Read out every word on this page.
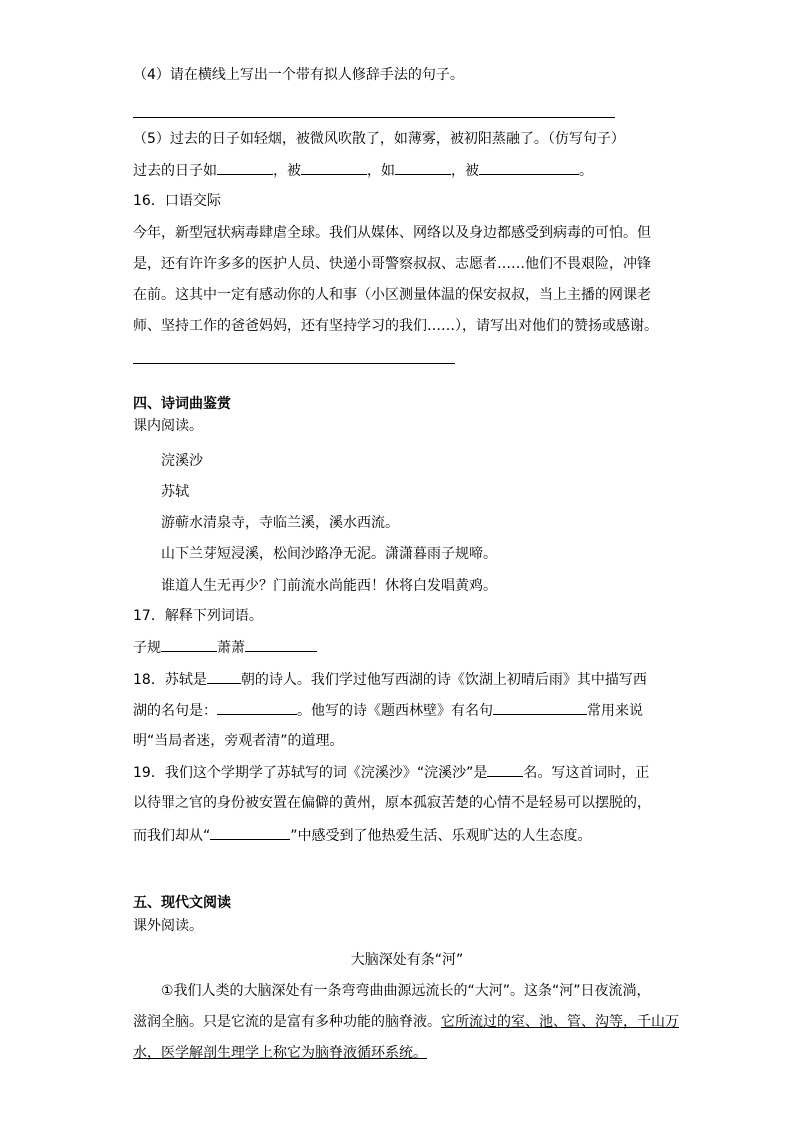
（4）请在横线上写出一个带有拟人修辞手法的句子。
（5）过去的日子如轻烟，被微风吹散了，如薄雾，被初阳蒸融了。（仿写句子）
过去的日子如	，被	，如	，被	。
16．口语交际
今年，新型冠状病毒肆虐全球。我们从媒体、网络以及身边都感受到病毒的可怕。但
是，还有许许多多的医护人员、快递小哥警察叔叔、志愿者……他们不畏艰险，冲锋
在前。这其中一定有感动你的人和事（小区测量体温的保安叔叔，当上主播的网课老
师、坚持工作的爸爸妈妈，还有坚持学习的我们……），请写出对他们的赞扬或感谢。
四、诗词曲鉴赏
课内阅读。
浣溪沙
苏轼
游蕲水清泉寺，寺临兰溪，溪水西流。
山下兰芽短浸溪，松间沙路净无泥。潇潇暮雨子规啼。
谁道人生无再少？门前流水尚能西！休将白发唱黄鸡。
17．解释下列词语。
子规	萧萧
18．苏轼是 朝的诗人。我们学过他写西湖的诗《饮湖上初晴后雨》其中描写西
湖的名句是：	。他写的诗《题西林壁》有名句	常用来说
明“当局者迷，旁观者清”的道理。
19．我们这个学期学了苏轼写的词《浣溪沙》“浣溪沙”是	名。写这首词时，正
以待罪之官的身份被安置在偏僻的黄州，原本孤寂苦楚的心情不是轻易可以摆脱的，
而我们却从“	”中感受到了他热爱生活、乐观旷达的人生态度。
五、现代文阅读
课外阅读。
大脑深处有条“河”
①我们人类的大脑深处有一条弯弯曲曲源远流长的“大河”。这条“河”日夜流淌，
滋润全脑。只是它流的是富有多种功能的脑脊液。它所流过的室、池、管、沟等，千山万
水，医学解剖生理学上称它为脑脊液循环系统。
